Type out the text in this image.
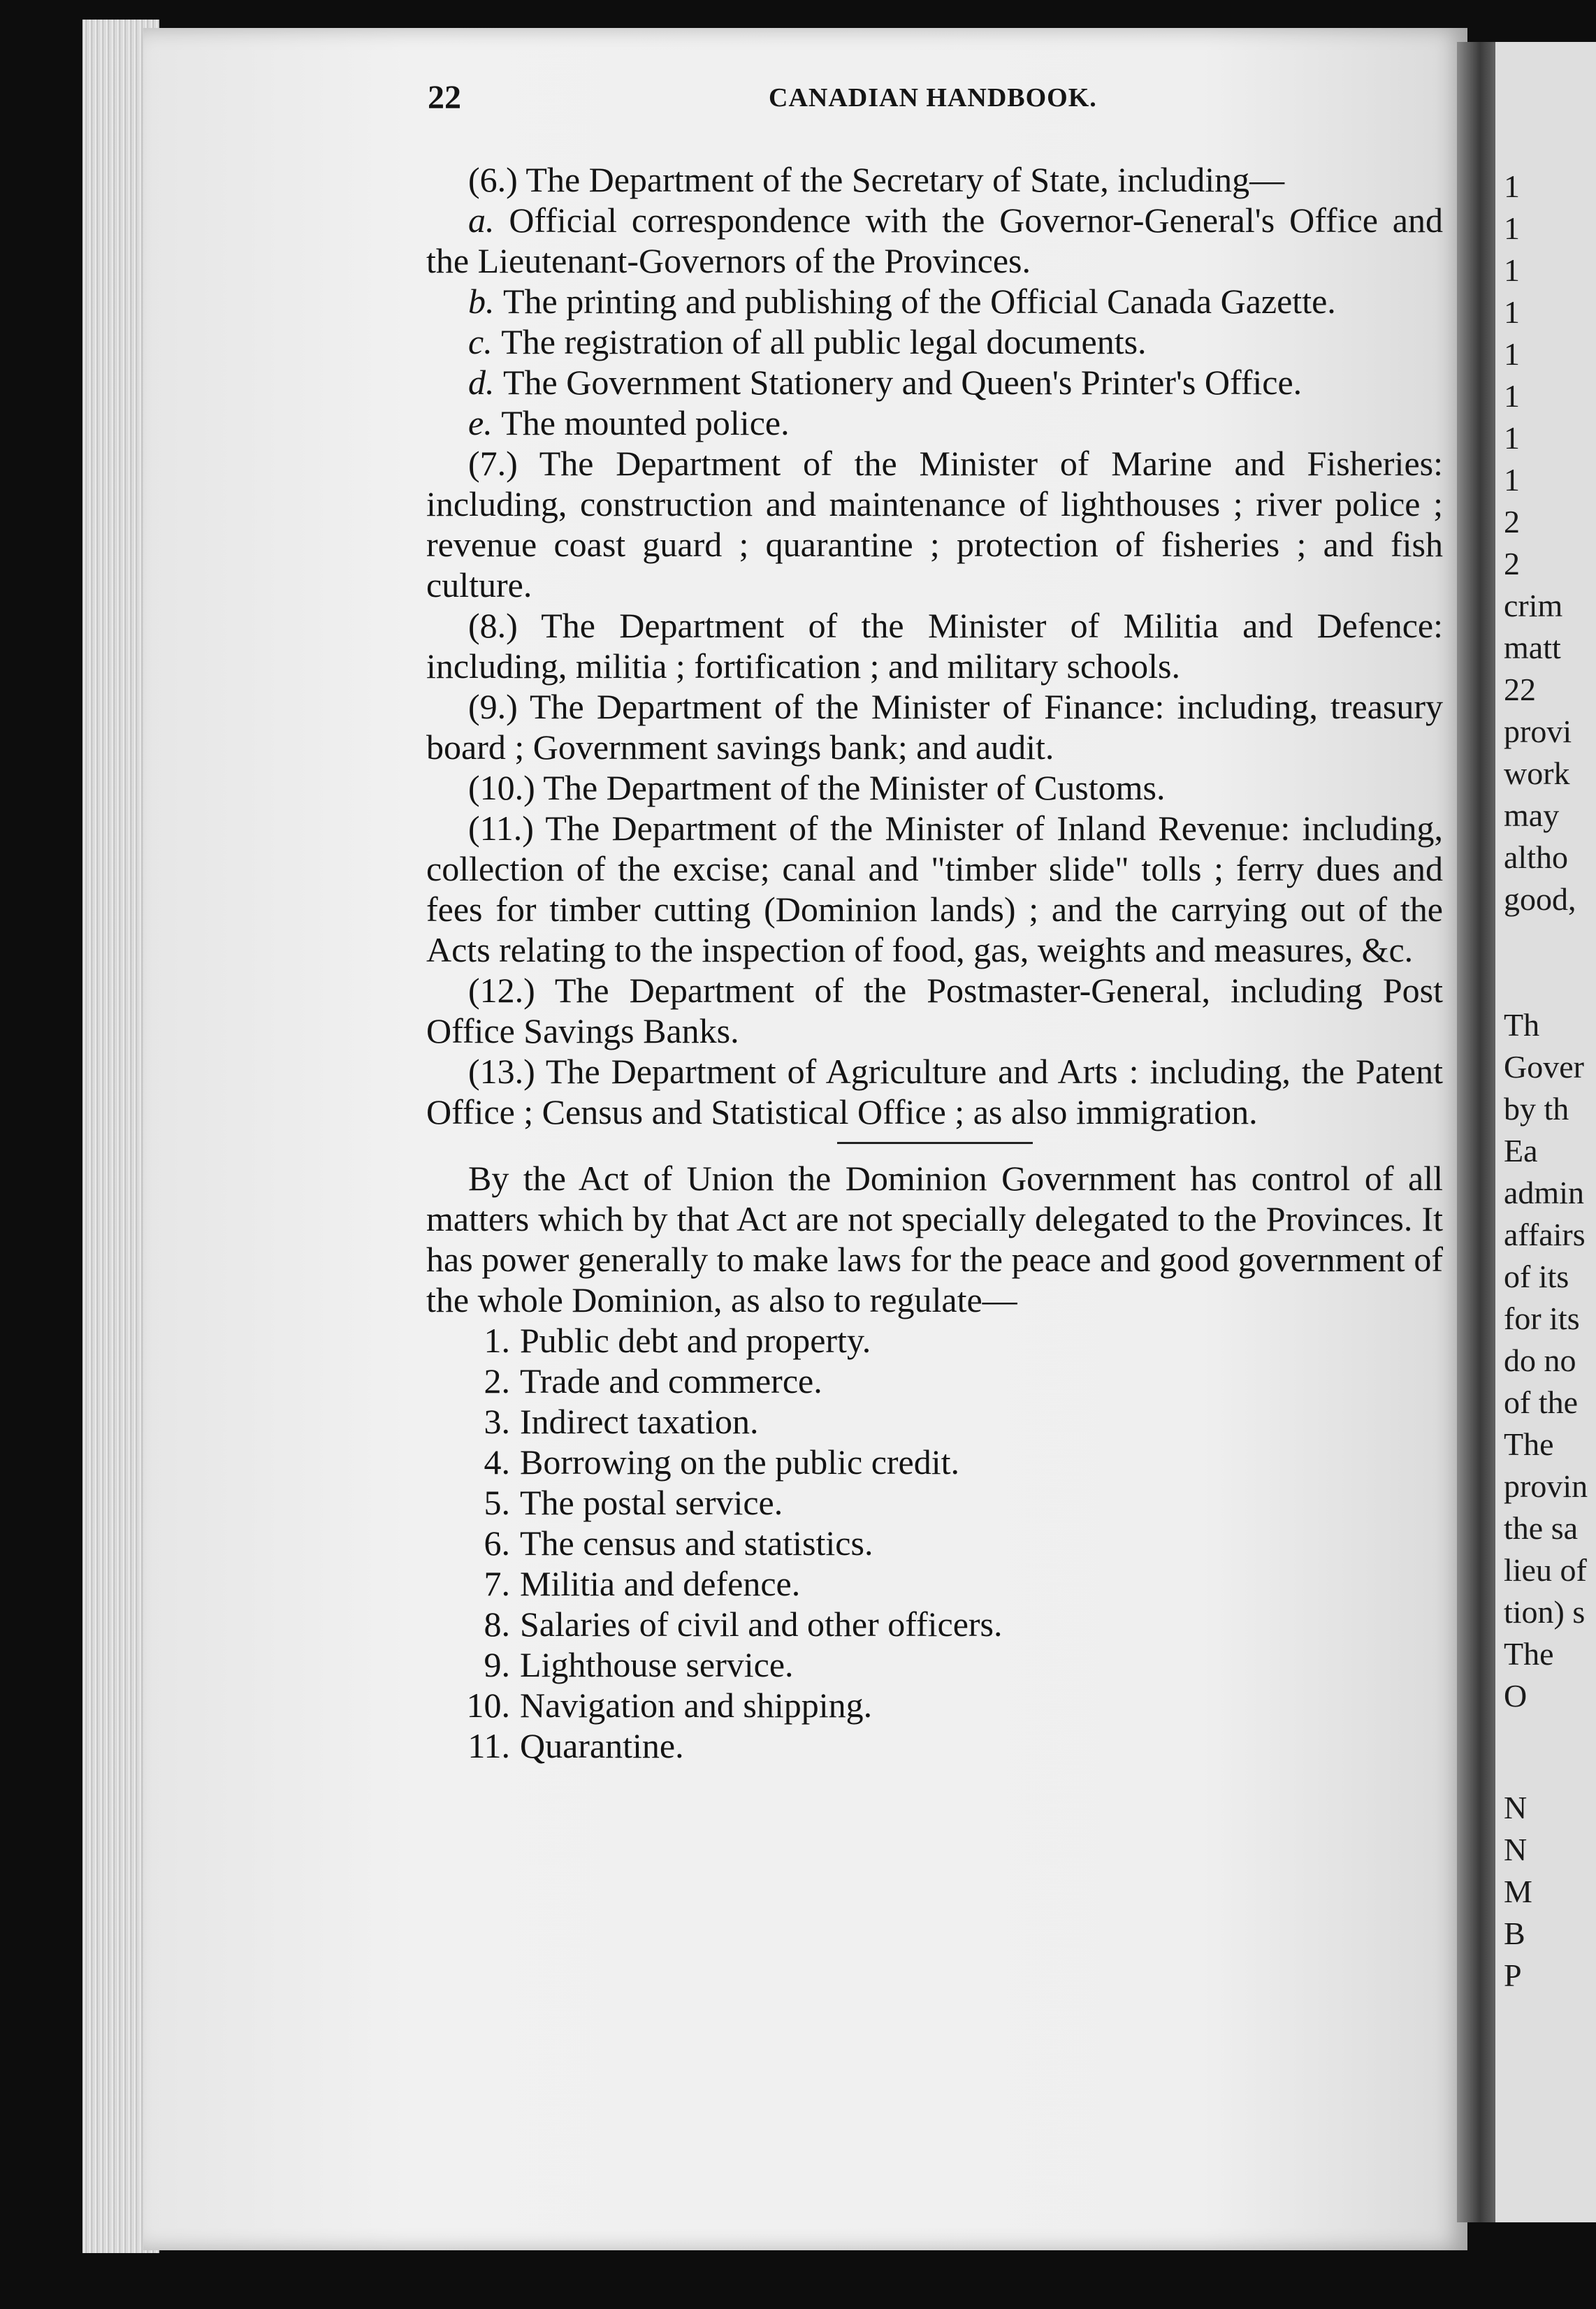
1
1
1
1
1
1
1
1
2
2
crim
matt
22
provi
work
may
altho
good,
Th
Gover
by th
Ea
admin
affairs
of its
for its
do no
of the
The
provin
the sa
lieu of
tion) s
The
O
N
N
M
B
P
22	CANADIAN HANDBOOK.

(6.) The Department of the Secretary of State, including—

a. Official correspondence with the Governor-General's Office and the Lieutenant-Governors of the Provinces.

b. The printing and publishing of the Official Canada Gazette.

c. The registration of all public legal documents.

d. The Government Stationery and Queen's Printer's Office.

e. The mounted police.

(7.) The Department of the Minister of Marine and Fisheries: including, construction and maintenance of lighthouses ; river police ; revenue coast guard ; quarantine ; protection of fisheries ; and fish culture.

(8.) The Department of the Minister of Militia and Defence: including, militia ; fortification ; and military schools.

(9.) The Department of the Minister of Finance: including, treasury board ; Government savings bank; and audit.

(10.) The Department of the Minister of Customs.

(11.) The Department of the Minister of Inland Revenue: including, collection of the excise; canal and "timber slide" tolls ; ferry dues and fees for timber cutting (Dominion lands) ; and the carrying out of the Acts relating to the inspection of food, gas, weights and measures, &c.

(12.) The Department of the Postmaster-General, including Post Office Savings Banks.

(13.) The Department of Agriculture and Arts : including, the Patent Office ; Census and Statistical Office ; as also immigration.

By the Act of Union the Dominion Government has control of all matters which by that Act are not specially delegated to the Provinces. It has power generally to make laws for the peace and good government of the whole Dominion, as also to regulate—

1. Public debt and property.
2. Trade and commerce.
3. Indirect taxation.
4. Borrowing on the public credit.
5. The postal service.
6. The census and statistics.
7. Militia and defence.
8. Salaries of civil and other officers.
9. Lighthouse service.
10. Navigation and shipping.
11. Quarantine.
